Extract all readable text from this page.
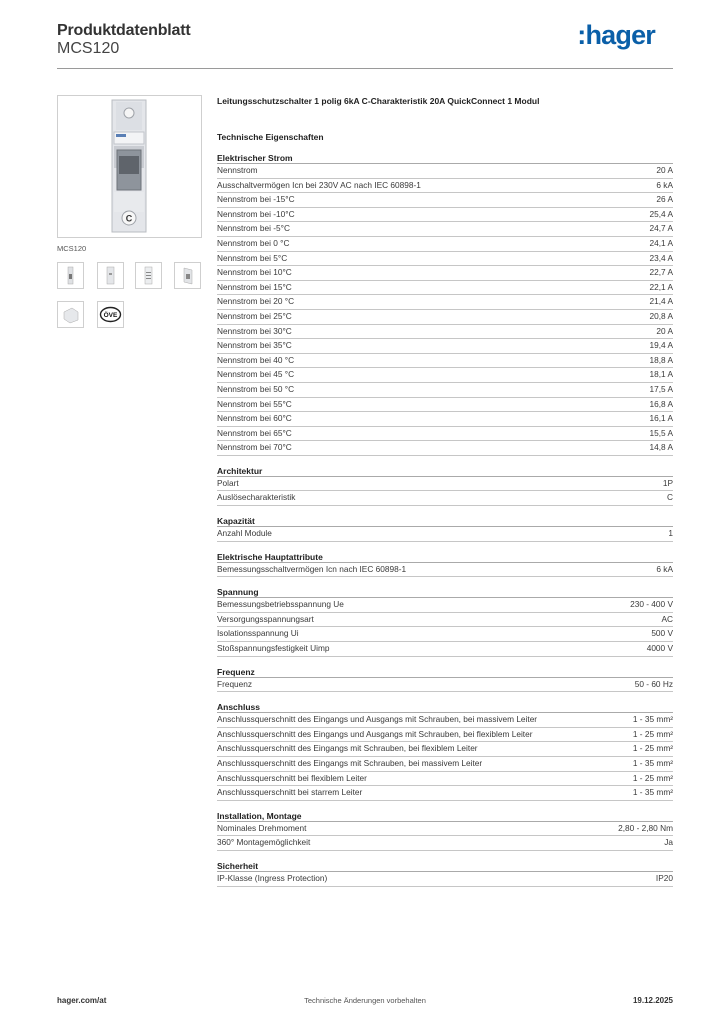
Produktdatenblatt
MCS120	:hager
C
MCS120
ÖVE
Leitungsschutzschalter 1 polig 6kA C-Charakteristik 20A QuickConnect 1 Modul
Technische Eigenschaften
Elektrischer Strom
Nennstrom	20 A
Ausschaltvermögen Icn bei 230V AC nach IEC 60898-1	6 kA
Nennstrom bei -15°C	26 A
Nennstrom bei -10°C	25,4 A
Nennstrom bei -5°C	24,7 A
Nennstrom bei 0 °C	24,1 A
Nennstrom bei 5°C	23,4 A
Nennstrom bei 10°C	22,7 A
Nennstrom bei 15°C	22,1 A
Nennstrom bei 20 °C	21,4 A
Nennstrom bei 25°C	20,8 A
Nennstrom bei 30°C	20 A
Nennstrom bei 35°C	19,4 A
Nennstrom bei 40 °C	18,8 A
Nennstrom bei 45 °C	18,1 A
Nennstrom bei 50 °C	17,5 A
Nennstrom bei 55°C	16,8 A
Nennstrom bei 60°C	16,1 A
Nennstrom bei 65°C	15,5 A
Nennstrom bei 70°C	14,8 A
Architektur
Polart	1P
Auslösecharakteristik	C
Kapazität
Anzahl Module	1
Elektrische Hauptattribute
Bemessungsschaltvermögen Icn nach IEC 60898-1	6 kA
Spannung
Bemessungsbetriebsspannung Ue	230 - 400 V
Versorgungsspannungsart	AC
Isolationsspannung Ui	500 V
Stoßspannungsfestigkeit Uimp	4000 V
Frequenz
Frequenz	50 - 60 Hz
Anschluss
Anschlussquerschnitt des Eingangs und Ausgangs mit Schrauben, bei massivem Leiter	1 - 35 mm²
Anschlussquerschnitt des Eingangs und Ausgangs mit Schrauben, bei flexiblem Leiter	1 - 25 mm²
Anschlussquerschnitt des Eingangs mit Schrauben, bei flexiblem Leiter	1 - 25 mm²
Anschlussquerschnitt des Eingangs mit Schrauben, bei massivem Leiter	1 - 35 mm²
Anschlussquerschnitt bei flexiblem Leiter	1 - 25 mm²
Anschlussquerschnitt bei starrem Leiter	1 - 35 mm²
Installation, Montage
Nominales Drehmoment	2,80 - 2,80 Nm
360° Montagemöglichkeit	Ja
Sicherheit
IP-Klasse (Ingress Protection)	IP20
hager.com/at	Technische Änderungen vorbehalten	19.12.2025
